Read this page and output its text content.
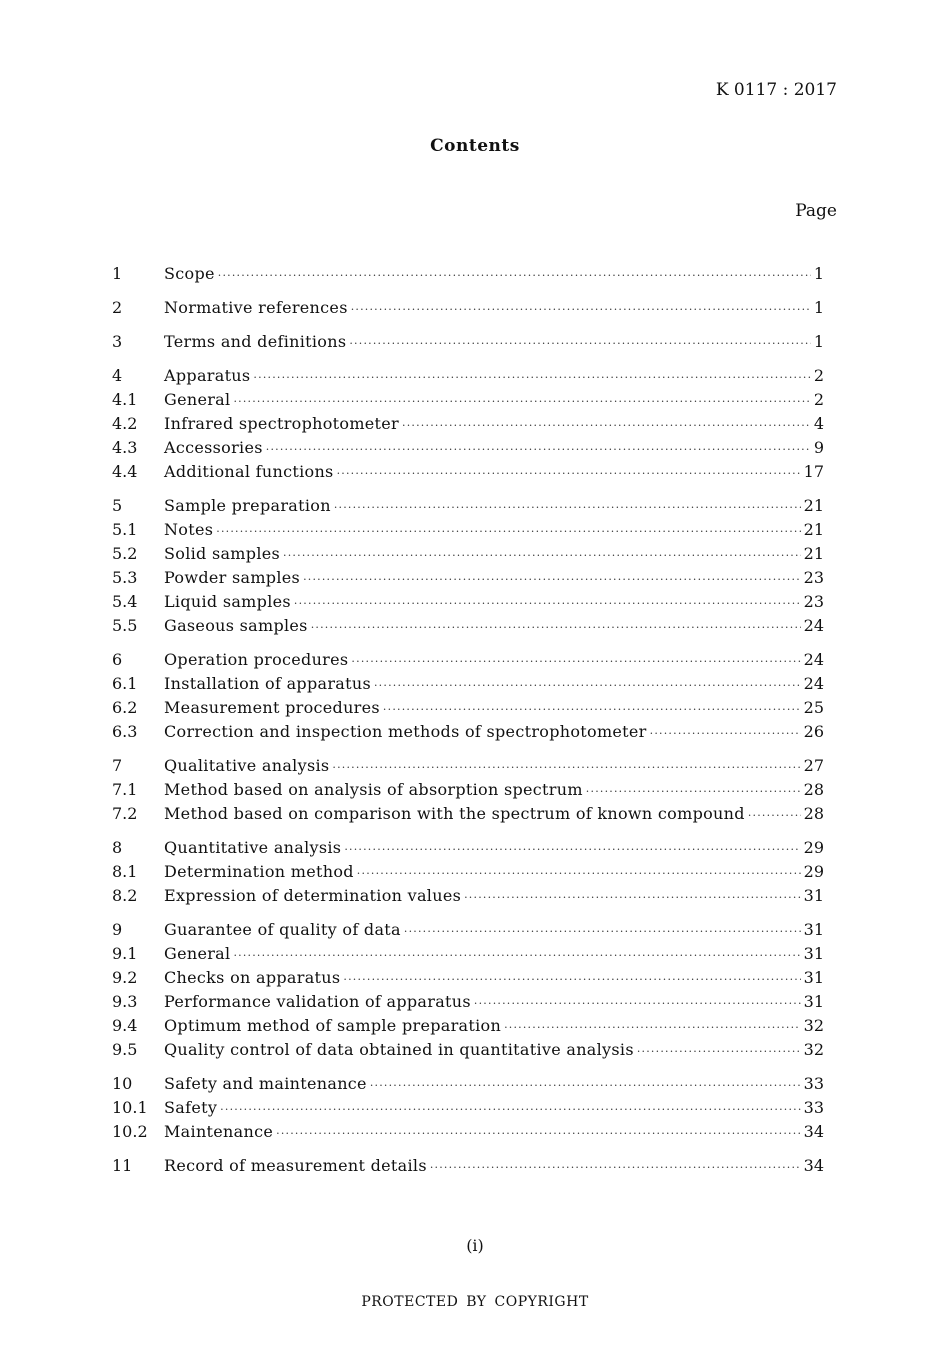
K 0117 : 2017
Contents
Page
1	Scope ·····	1
2	Normative references ·····	1
3	Terms and definitions ·····	1
4	Apparatus ·····	2
4.1	General ·····	2
4.2	Infrared spectrophotometer ·····	4
4.3	Accessories ·····	9
4.4	Additional functions ·····	17
5	Sample preparation ·····	21
5.1	Notes ·····	21
5.2	Solid samples ·····	21
5.3	Powder samples ·····	23
5.4	Liquid samples ·····	23
5.5	Gaseous samples ·····	24
6	Operation procedures ·····	24
6.1	Installation of apparatus ·····	24
6.2	Measurement procedures ·····	25
6.3	Correction and inspection methods of spectrophotometer ·····	26
7	Qualitative analysis ·····	27
7.1	Method based on analysis of absorption spectrum ·····	28
7.2	Method based on comparison with the spectrum of known compound ·····	28
8	Quantitative analysis ·····	29
8.1	Determination method ·····	29
8.2	Expression of determination values ·····	31
9	Guarantee of quality of data ·····	31
9.1	General ·····	31
9.2	Checks on apparatus ·····	31
9.3	Performance validation of apparatus ·····	31
9.4	Optimum method of sample preparation ·····	32
9.5	Quality control of data obtained in quantitative analysis ·····	32
10	Safety and maintenance ·····	33
10.1	Safety ·····	33
10.2	Maintenance ·····	34
11	Record of measurement details ·····	34
(i)
PROTECTED BY COPYRIGHT
